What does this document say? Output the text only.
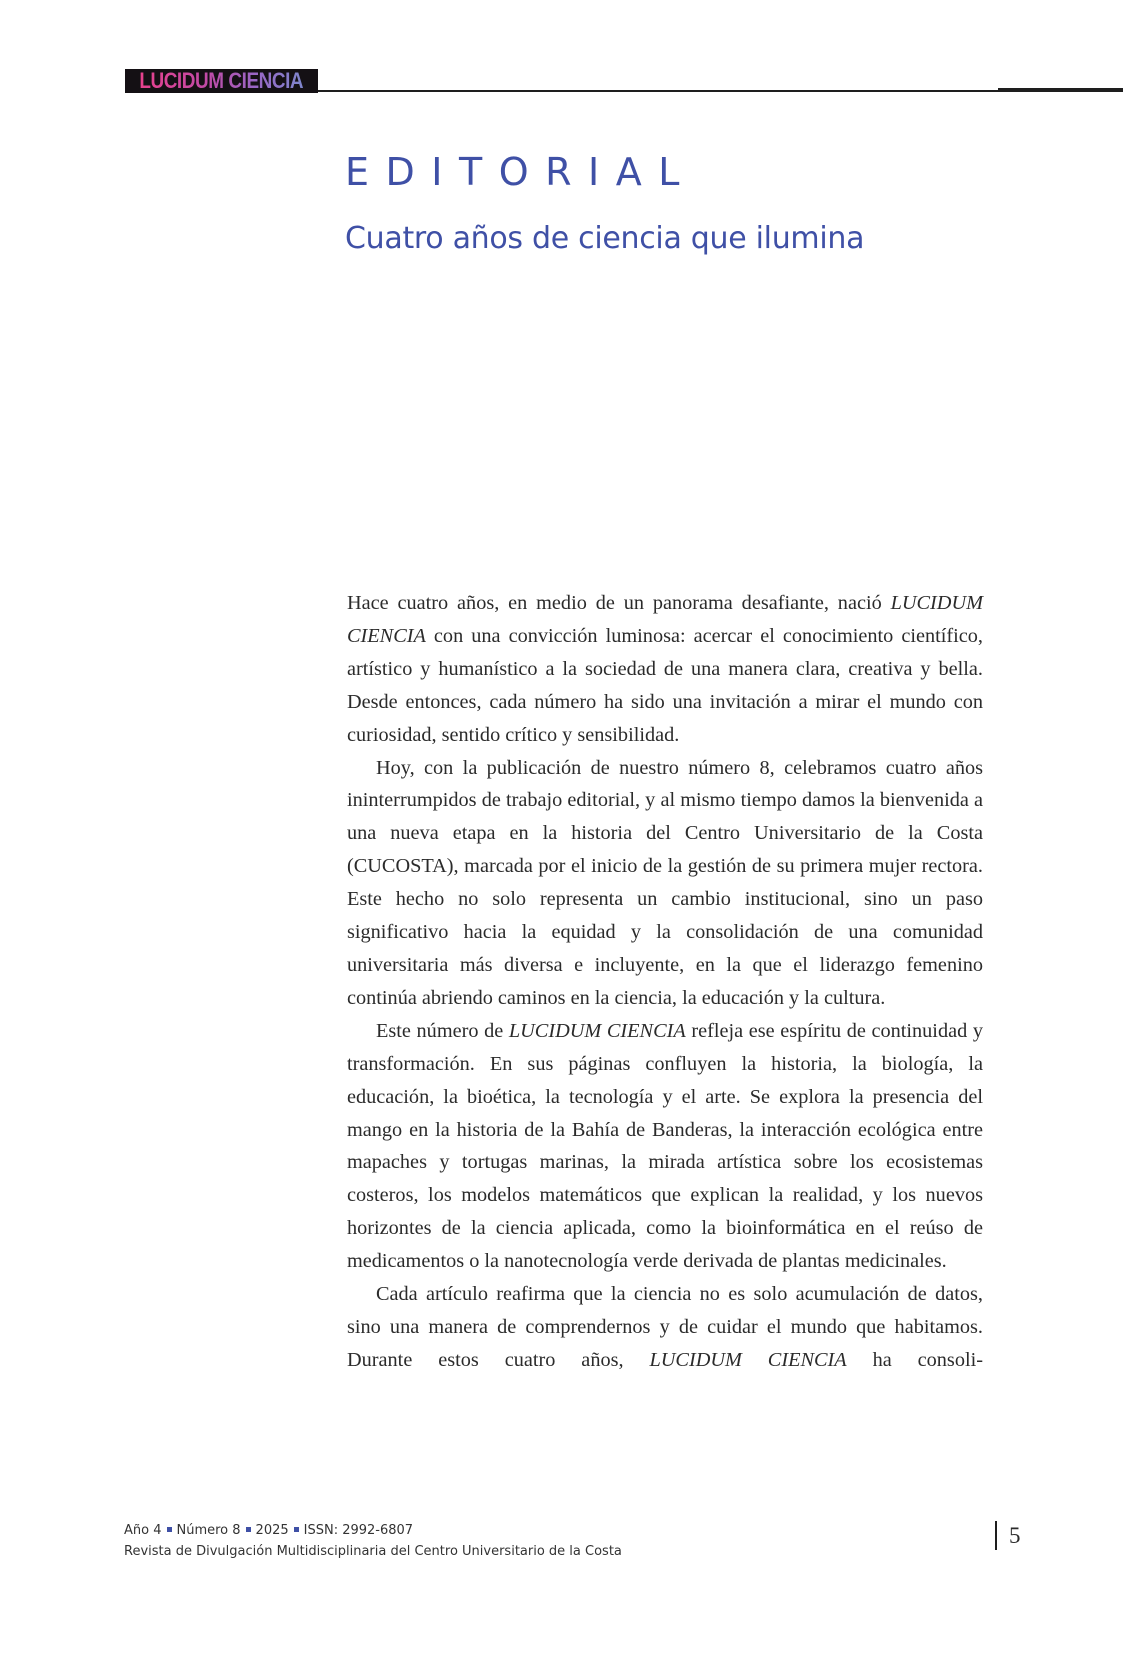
LUCIDUM CIENCIA
EDITORIAL
Cuatro años de ciencia que ilumina

Hace cuatro años, en medio de un panorama desafiante, nació LUCIDUM CIENCIA con una convicción luminosa: acercar el conocimiento científico, artístico y humanístico a la sociedad de una manera clara, creativa y bella. Desde entonces, cada número ha sido una invitación a mirar el mundo con curiosidad, sentido crítico y sensibilidad.

Hoy, con la publicación de nuestro número 8, celebramos cuatro años ininterrumpidos de trabajo editorial, y al mismo tiempo damos la bienvenida a una nueva etapa en la historia del Centro Universitario de la Costa (CUCOSTA), marcada por el inicio de la gestión de su primera mujer rectora. Este hecho no solo representa un cambio institucional, sino un paso significativo hacia la equidad y la consolidación de una comunidad universitaria más diversa e incluyente, en la que el liderazgo femenino continúa abriendo caminos en la ciencia, la educación y la cultura.

Este número de LUCIDUM CIENCIA refleja ese espíritu de continuidad y transformación. En sus páginas confluyen la historia, la biología, la educación, la bioética, la tecnología y el arte. Se explora la presencia del mango en la historia de la Bahía de Banderas, la interacción ecológica entre mapaches y tortugas marinas, la mirada artística sobre los ecosistemas costeros, los modelos matemáticos que explican la realidad, y los nuevos horizontes de la ciencia aplicada, como la bioinformática en el reúso de medicamentos o la nanotecnología verde derivada de plantas medicinales.

Cada artículo reafirma que la ciencia no es solo acumulación de datos, sino una manera de comprendernos y de cuidar el mundo que habitamos. Durante estos cuatro años, LUCIDUM CIENCIA ha consoli-

Año 4 Número 8 2025 ISSN: 2992-6807
Revista de Divulgación Multidisciplinaria del Centro Universitario de la Costa
5
